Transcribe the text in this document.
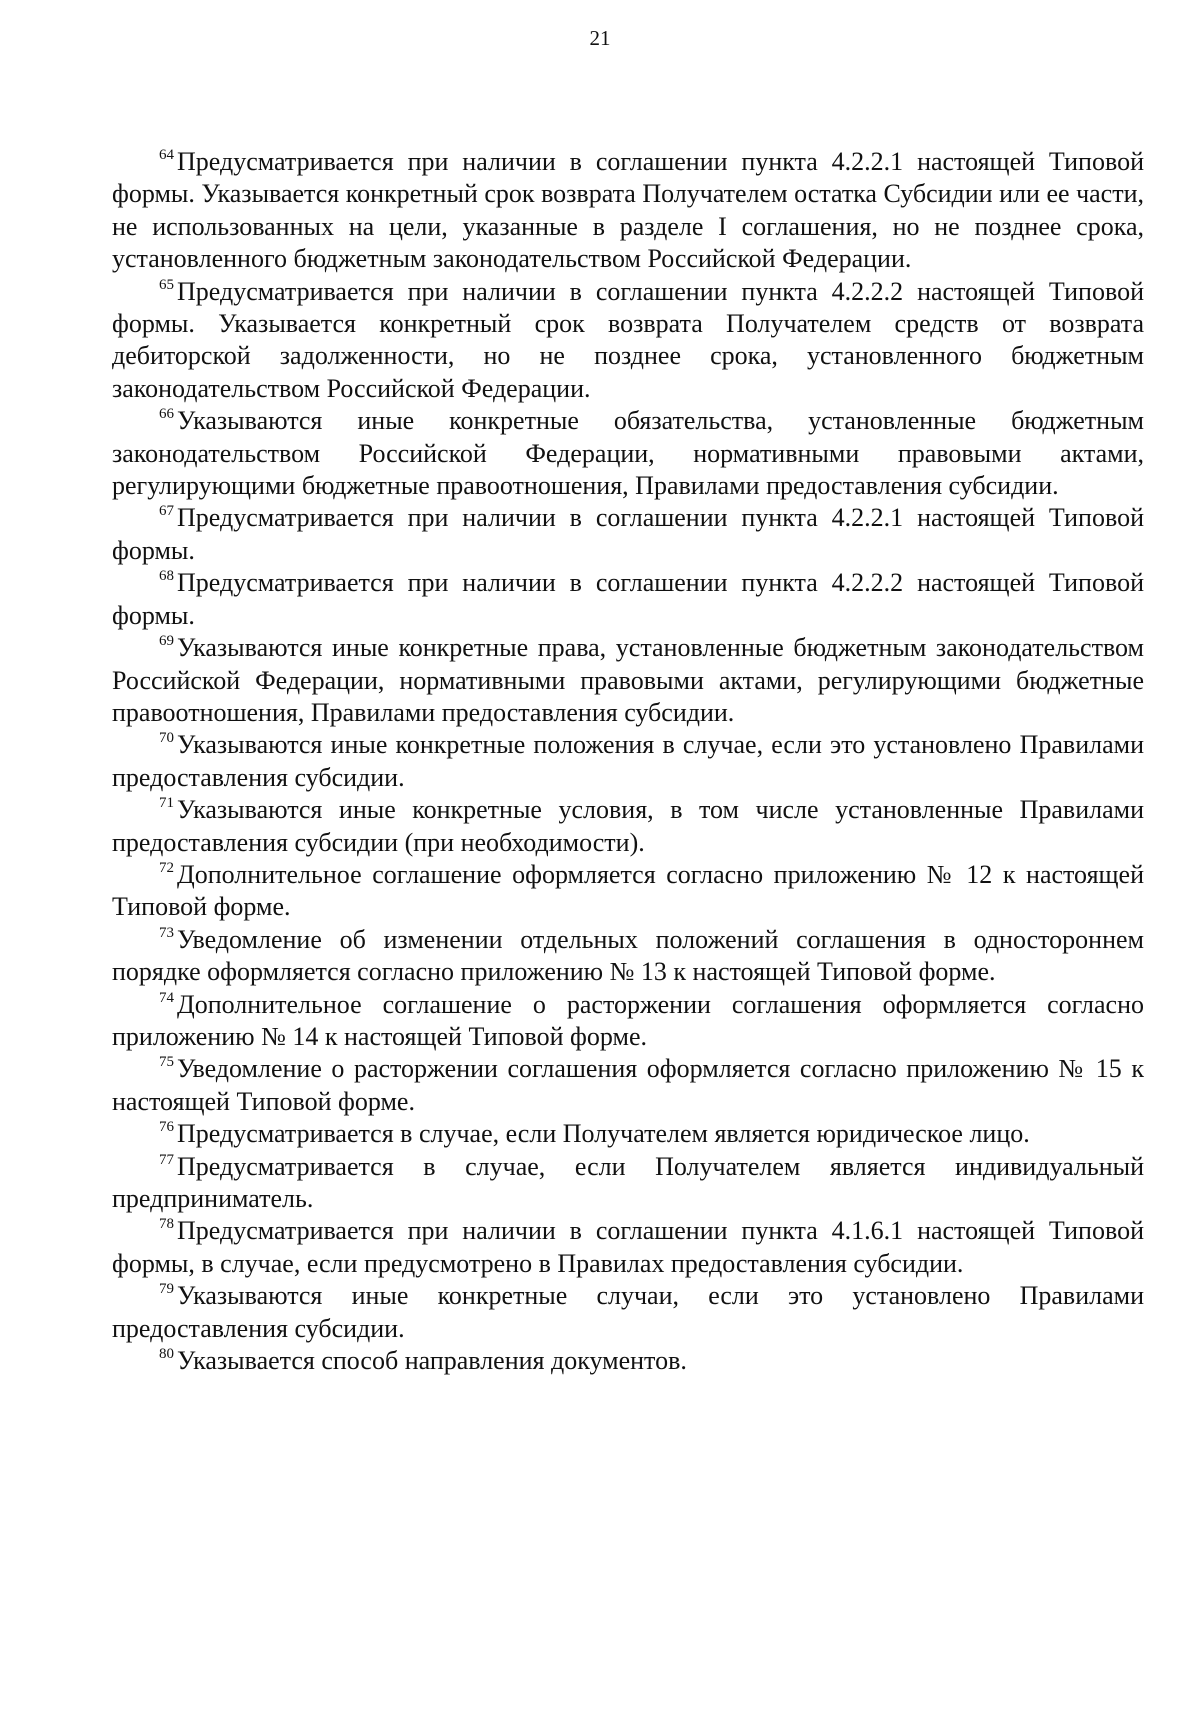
21

$^{64}$ Предусматривается при наличии в соглашении пункта 4.2.2.1 настоящей Типовой формы. Указывается конкретный срок возврата Получателем остатка Субсидии или ее части, не использованных на цели, указанные в разделе I соглашения, но не позднее срока, установленного бюджетным законодательством Российской Федерации.

$^{65}$ Предусматривается при наличии в соглашении пункта 4.2.2.2 настоящей Типовой формы. Указывается конкретный срок возврата Получателем средств от возврата дебиторской задолженности, но не позднее срока, установленного бюджетным законодательством Российской Федерации.

$^{66}$ Указываются иные конкретные обязательства, установленные бюджетным законодательством Российской Федерации, нормативными правовыми актами, регулирующими бюджетные правоотношения, Правилами предоставления субсидии.

$^{67}$ Предусматривается при наличии в соглашении пункта 4.2.2.1 настоящей Типовой формы.

$^{68}$ Предусматривается при наличии в соглашении пункта 4.2.2.2 настоящей Типовой формы.

$^{69}$ Указываются иные конкретные права, установленные бюджетным законодательством Российской Федерации, нормативными правовыми актами, регулирующими бюджетные правоотношения, Правилами предоставления субсидии.

$^{70}$ Указываются иные конкретные положения в случае, если это установлено Правилами предоставления субсидии.

$^{71}$ Указываются иные конкретные условия, в том числе установленные Правилами предоставления субсидии (при необходимости).

$^{72}$ Дополнительное соглашение оформляется согласно приложению № 12 к настоящей Типовой форме.

$^{73}$ Уведомление об изменении отдельных положений соглашения в одностороннем порядке оформляется согласно приложению № 13 к настоящей Типовой форме.

$^{74}$ Дополнительное соглашение о расторжении соглашения оформляется согласно приложению № 14 к настоящей Типовой форме.

$^{75}$ Уведомление о расторжении соглашения оформляется согласно приложению № 15 к настоящей Типовой форме.

$^{76}$ Предусматривается в случае, если Получателем является юридическое лицо.

$^{77}$ Предусматривается в случае, если Получателем является индивидуальный предприниматель.

$^{78}$ Предусматривается при наличии в соглашении пункта 4.1.6.1 настоящей Типовой формы, в случае, если предусмотрено в Правилах предоставления субсидии.

$^{79}$ Указываются иные конкретные случаи, если это установлено Правилами предоставления субсидии.

$^{80}$ Указывается способ направления документов.
